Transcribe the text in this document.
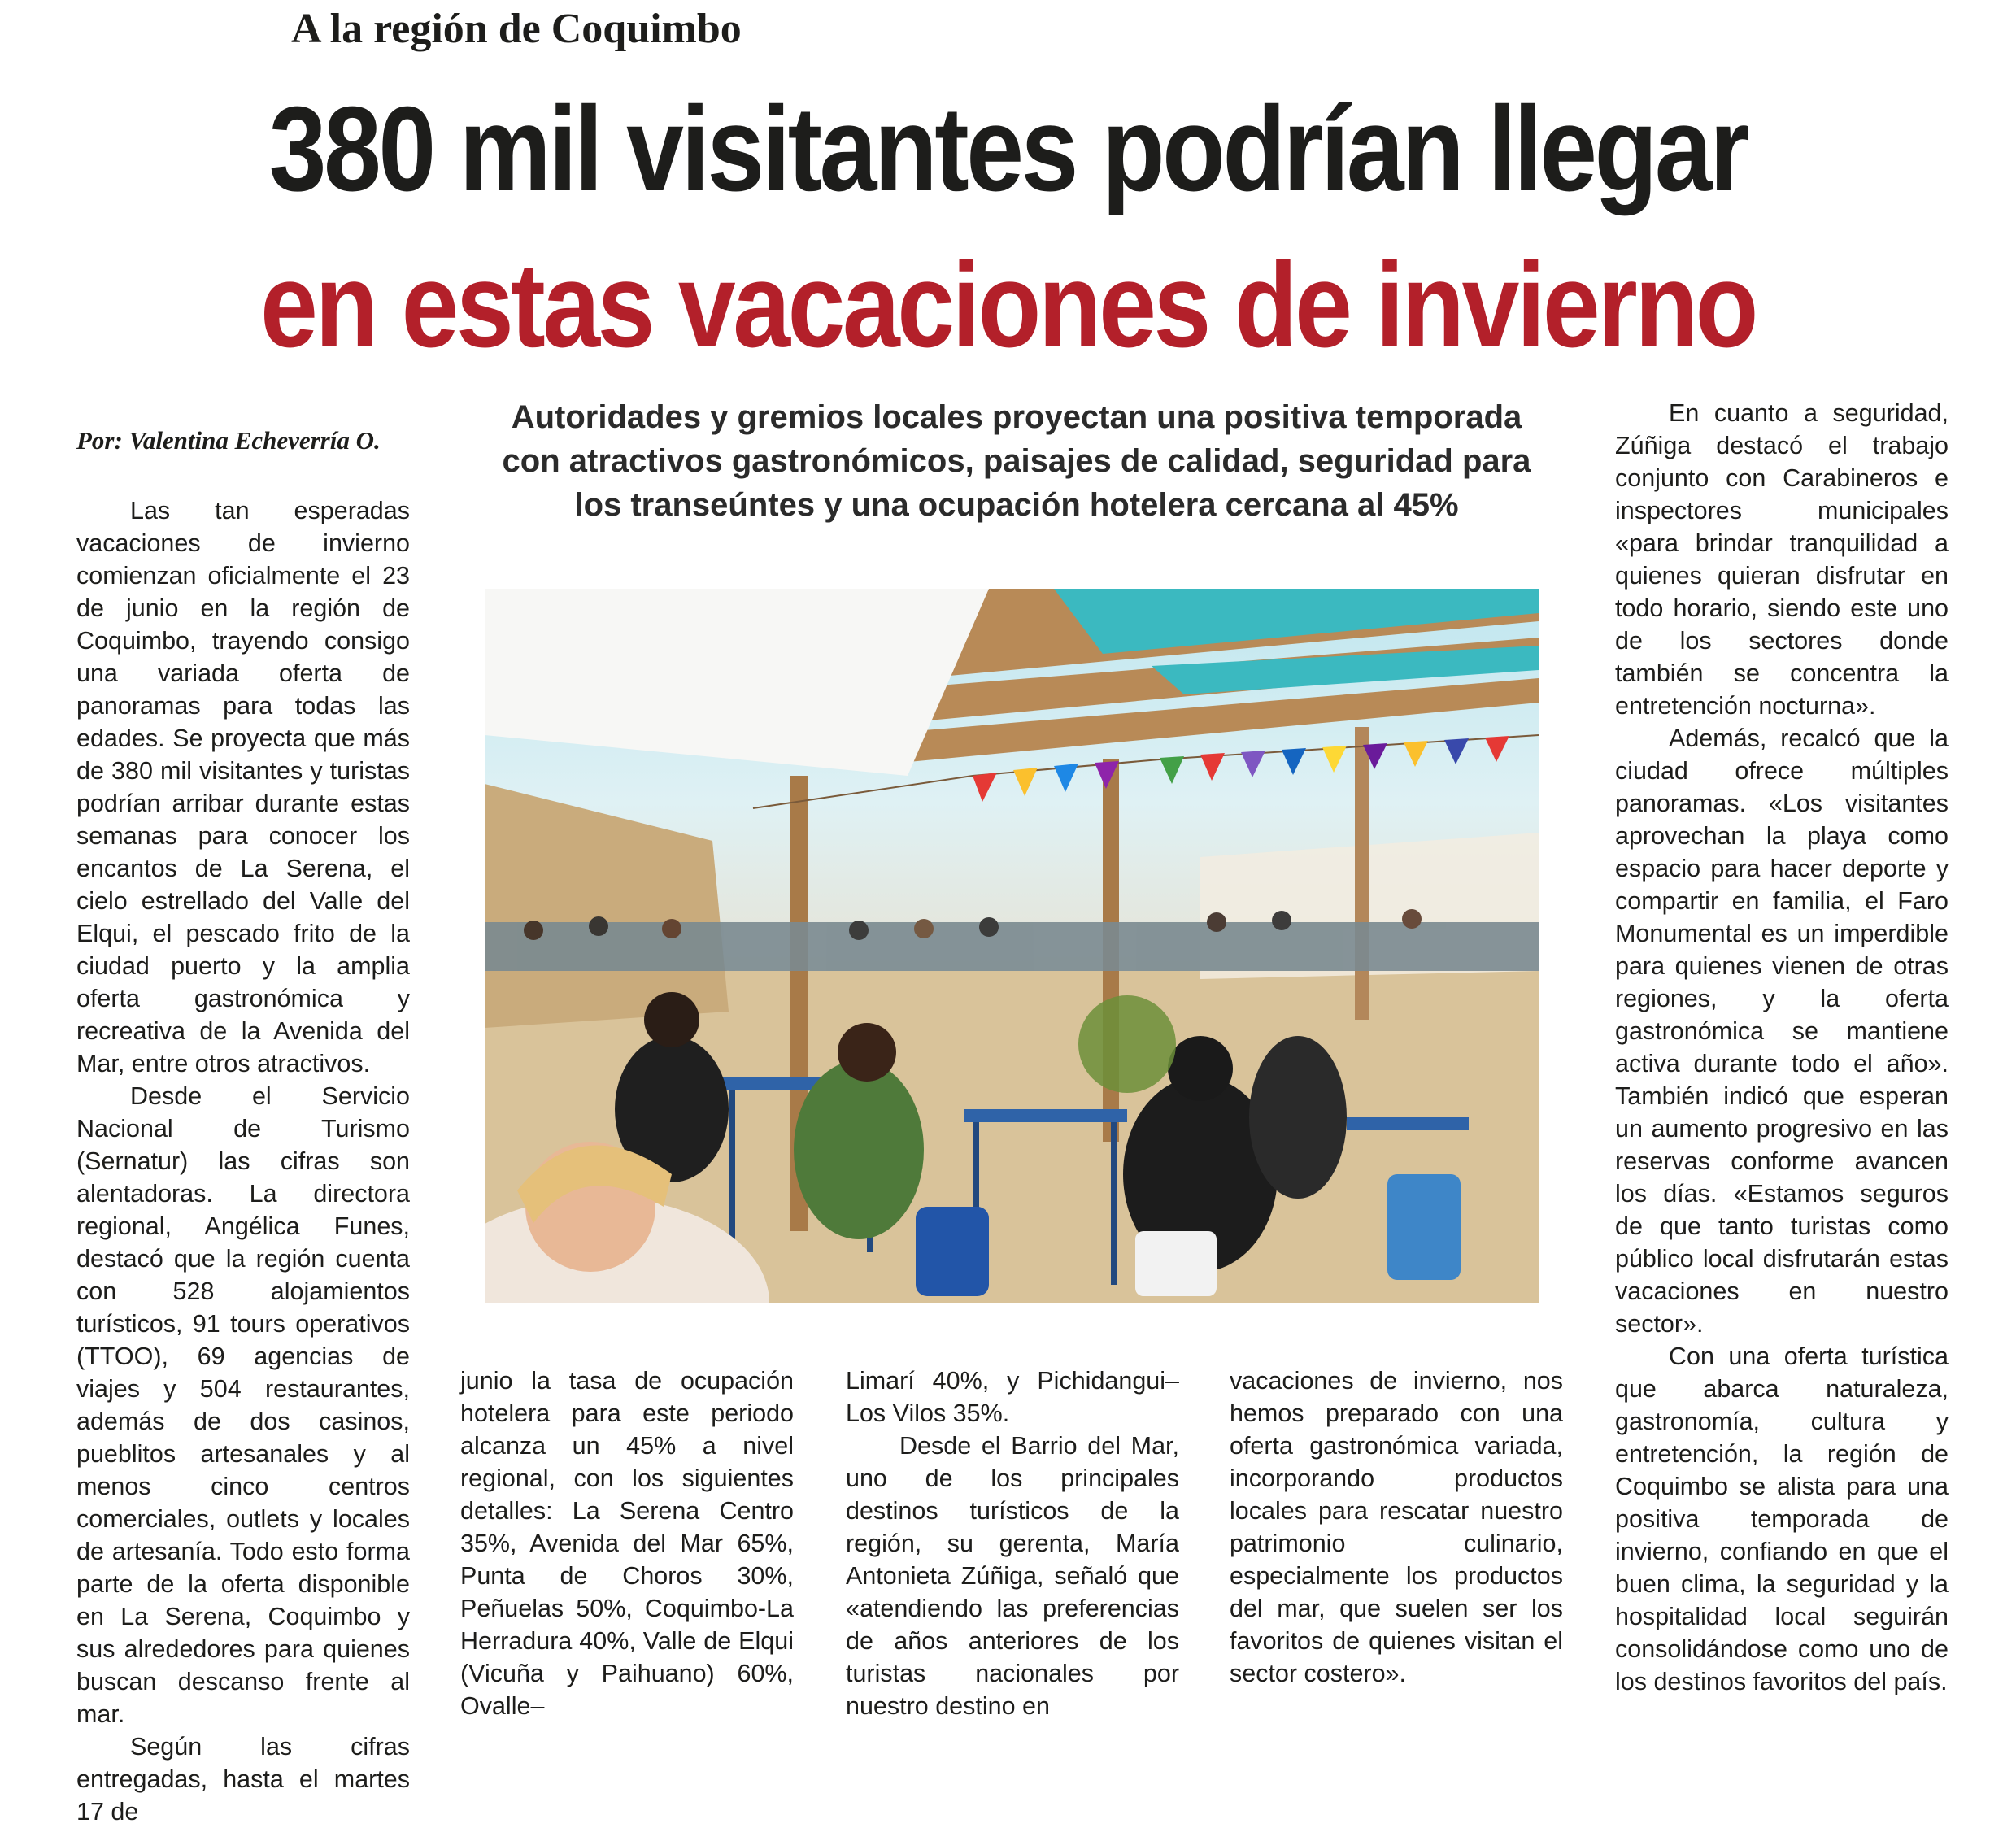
A la región de Coquimbo
380 mil visitantes podrían llegar
en estas vacaciones de invierno
Por: Valentina Echeverría O.
Autoridades y gremios locales proyectan una positiva temporada con atractivos gastronómicos, paisajes de calidad, seguridad para los transeúntes y una ocupación hotelera cercana al 45%

Las tan esperadas vacaciones de invierno comienzan oficialmente el 23 de junio en la región de Coquimbo, trayendo consigo una variada oferta de panoramas para todas las edades. Se proyecta que más de 380 mil visitantes y turistas podrían arribar durante estas semanas para conocer los encantos de La Serena, el cielo estrellado del Valle del Elqui, el pescado frito de la ciudad puerto y la amplia oferta gastronómica y recreativa de la Avenida del Mar, entre otros atractivos.

Desde el Servicio Nacional de Turismo (Sernatur) las cifras son alentadoras. La directora regional, Angélica Funes, destacó que la región cuenta con 528 alojamientos turísticos, 91 tours operativos (TTOO), 69 agencias de viajes y 504 restaurantes, además de dos casinos, pueblitos artesanales y al menos cinco centros comerciales, outlets y locales de artesanía. Todo esto forma parte de la oferta disponible en La Serena, Coquimbo y sus alrededores para quienes buscan descanso frente al mar.

Según las cifras entregadas, hasta el martes 17 de

junio la tasa de ocupación hotelera para este periodo alcanza un 45% a nivel regional, con los siguientes detalles: La Serena Centro 35%, Avenida del Mar 65%, Punta de Choros 30%, Peñuelas 50%, Coquimbo-La Herradura 40%, Valle de Elqui (Vicuña y Paihuano) 60%, Ovalle–

Limarí 40%, y Pichidangui–Los Vilos 35%.

Desde el Barrio del Mar, uno de los principales destinos turísticos de la región, su gerenta, María Antonieta Zúñiga, señaló que «atendiendo las preferencias de años anteriores de los turistas nacionales por nuestro destino en

vacaciones de invierno, nos hemos preparado con una oferta gastronómica variada, incorporando productos locales para rescatar nuestro patrimonio culinario, especialmente los productos del mar, que suelen ser los favoritos de quienes visitan el sector costero».

En cuanto a seguridad, Zúñiga destacó el trabajo conjunto con Carabineros e inspectores municipales «para brindar tranquilidad a quienes quieran disfrutar en todo horario, siendo este uno de los sectores donde también se concentra la entretención nocturna».

Además, recalcó que la ciudad ofrece múltiples panoramas. «Los visitantes aprovechan la playa como espacio para hacer deporte y compartir en familia, el Faro Monumental es un imperdible para quienes vienen de otras regiones, y la oferta gastronómica se mantiene activa durante todo el año». También indicó que esperan un aumento progresivo en las reservas conforme avancen los días. «Estamos seguros de que tanto turistas como público local disfrutarán estas vacaciones en nuestro sector».

Con una oferta turística que abarca naturaleza, gastronomía, cultura y entretención, la región de Coquimbo se alista para una positiva temporada de invierno, confiando en que el buen clima, la seguridad y la hospitalidad local seguirán consolidándose como uno de los destinos favoritos del país.
